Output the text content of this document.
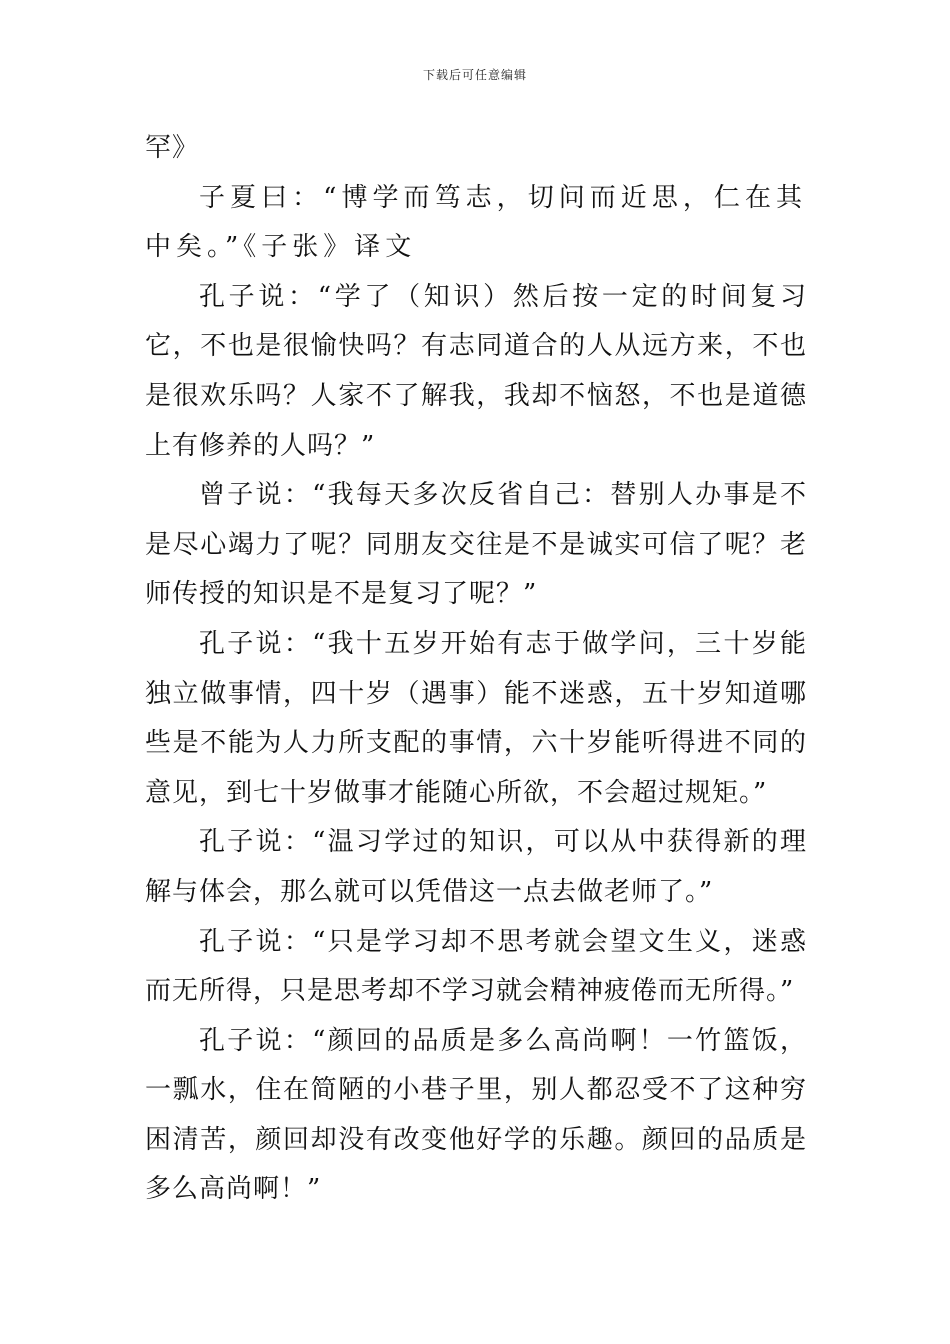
下载后可任意编辑

罕》

子夏曰：“博学而笃志，切问而近思，仁在其中矣。”《子张》译文

孔子说：“学了（知识）然后按一定的时间复习它，不也是很愉快吗？有志同道合的人从远方来，不也是很欢乐吗？人家不了解我，我却不恼怒，不也是道德上有修养的人吗？”

曾子说：“我每天多次反省自己：替别人办事是不是尽心竭力了呢？同朋友交往是不是诚实可信了呢？老师传授的知识是不是复习了呢？”

孔子说：“我十五岁开始有志于做学问，三十岁能独立做事情，四十岁（遇事）能不迷惑，五十岁知道哪些是不能为人力所支配的事情，六十岁能听得进不同的意见，到七十岁做事才能随心所欲，不会超过规矩。”

孔子说：“温习学过的知识，可以从中获得新的理解与体会，那么就可以凭借这一点去做老师了。”

孔子说：“只是学习却不思考就会望文生义，迷惑而无所得，只是思考却不学习就会精神疲倦而无所得。”

孔子说：“颜回的品质是多么高尚啊！一竹篮饭，一瓢水，住在简陋的小巷子里，别人都忍受不了这种穷困清苦，颜回却没有改变他好学的乐趣。颜回的品质是多么高尚啊！”
